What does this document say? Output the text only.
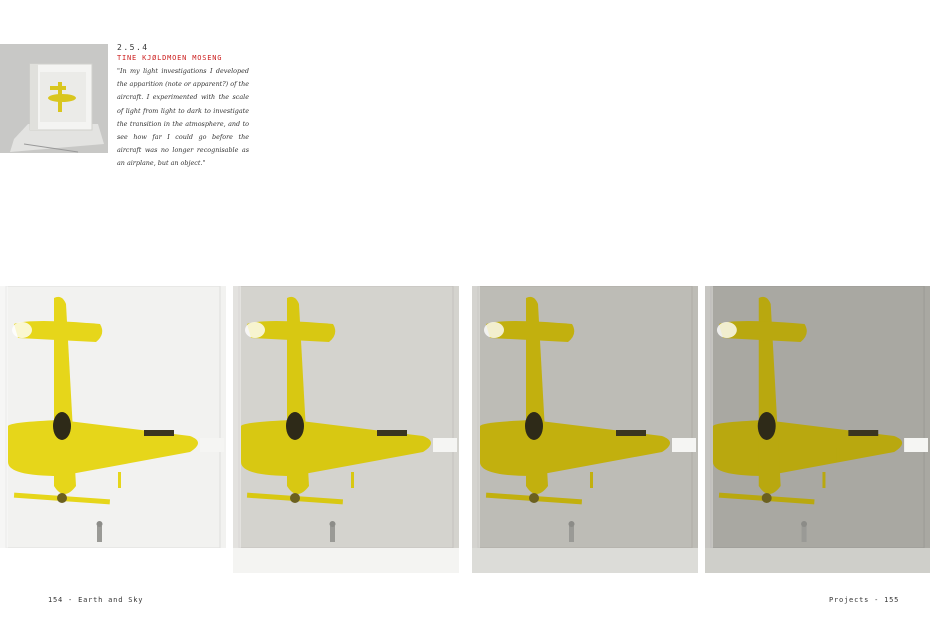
2.5.4
TINE KJØLDMOEN MOSENG

"In my light investigations I developed the apparition (note or apparent?) of the aircraft. I experimented with the scale of light from light to dark to investigate the transition in the atmosphere, and to see how far I could go before the aircraft was no longer recognisable as an airplane, but an object."

154 - Earth and Sky	Projects - 155
